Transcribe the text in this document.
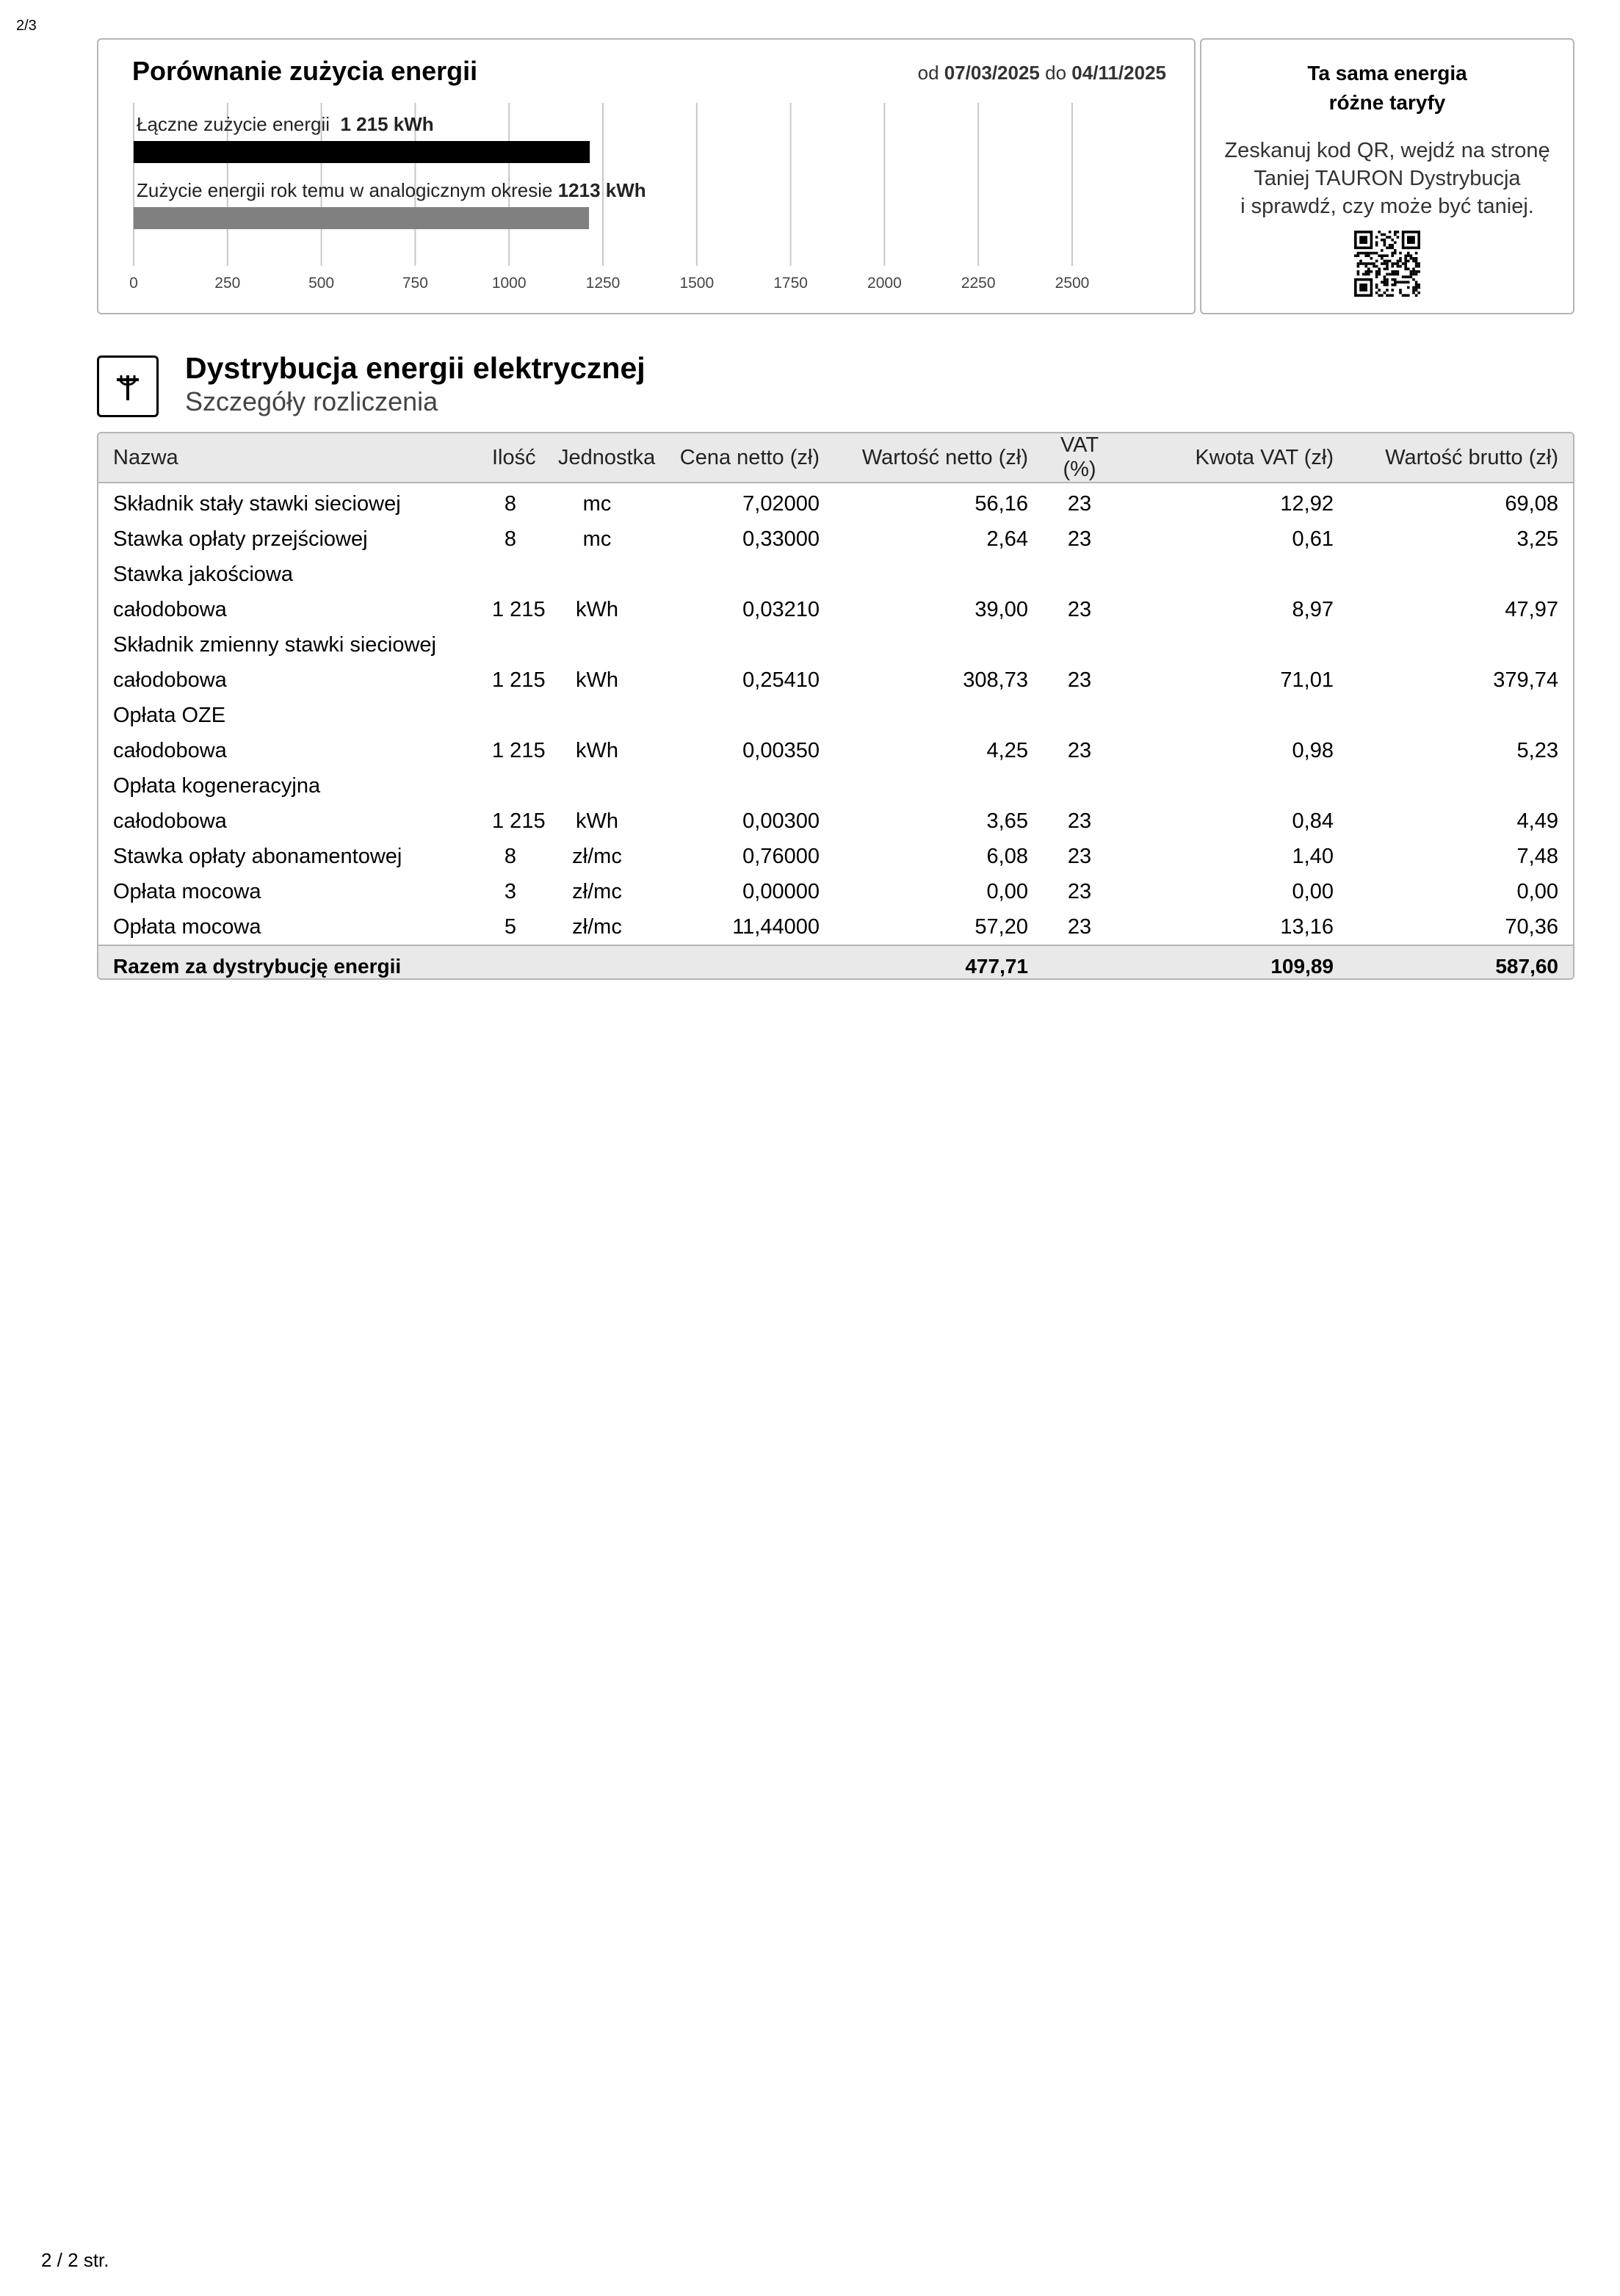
2/3
Porównanie zużycia energii	od 07/03/2025 do 04/11/2025
Łączne zużycie energii 1 215 kWh
Zużycie energii rok temu w analogicznym okresie 1213 kWh
0	250	500	750	1000	1250	1500	1750	2000	2250	2500
Ta sama energia
różne taryfy
Zeskanuj kod QR, wejdź na stronę
Taniej TAURON Dystrybucja
i sprawdź, czy może być taniej.
Dystrybucja energii elektrycznej
Szczegóły rozliczenia
Nazwa	Ilość	Jednostka	Cena netto (zł)	Wartość netto (zł)	VAT (%)	Kwota VAT (zł)	Wartość brutto (zł)
Składnik stały stawki sieciowej	8	mc	7,02000	56,16	23	12,92	69,08
Stawka opłaty przejściowej	8	mc	0,33000	2,64	23	0,61	3,25
Stawka jakościowa							
całodobowa	1 215	kWh	0,03210	39,00	23	8,97	47,97
Składnik zmienny stawki sieciowej							
całodobowa	1 215	kWh	0,25410	308,73	23	71,01	379,74
Opłata OZE							
całodobowa	1 215	kWh	0,00350	4,25	23	0,98	5,23
Opłata kogeneracyjna							
całodobowa	1 215	kWh	0,00300	3,65	23	0,84	4,49
Stawka opłaty abonamentowej	8	zł/mc	0,76000	6,08	23	1,40	7,48
Opłata mocowa	3	zł/mc	0,00000	0,00	23	0,00	0,00
Opłata mocowa	5	zł/mc	11,44000	57,20	23	13,16	70,36
Razem za dystrybucję energii				477,71		109,89	587,60
2 / 2 str.
